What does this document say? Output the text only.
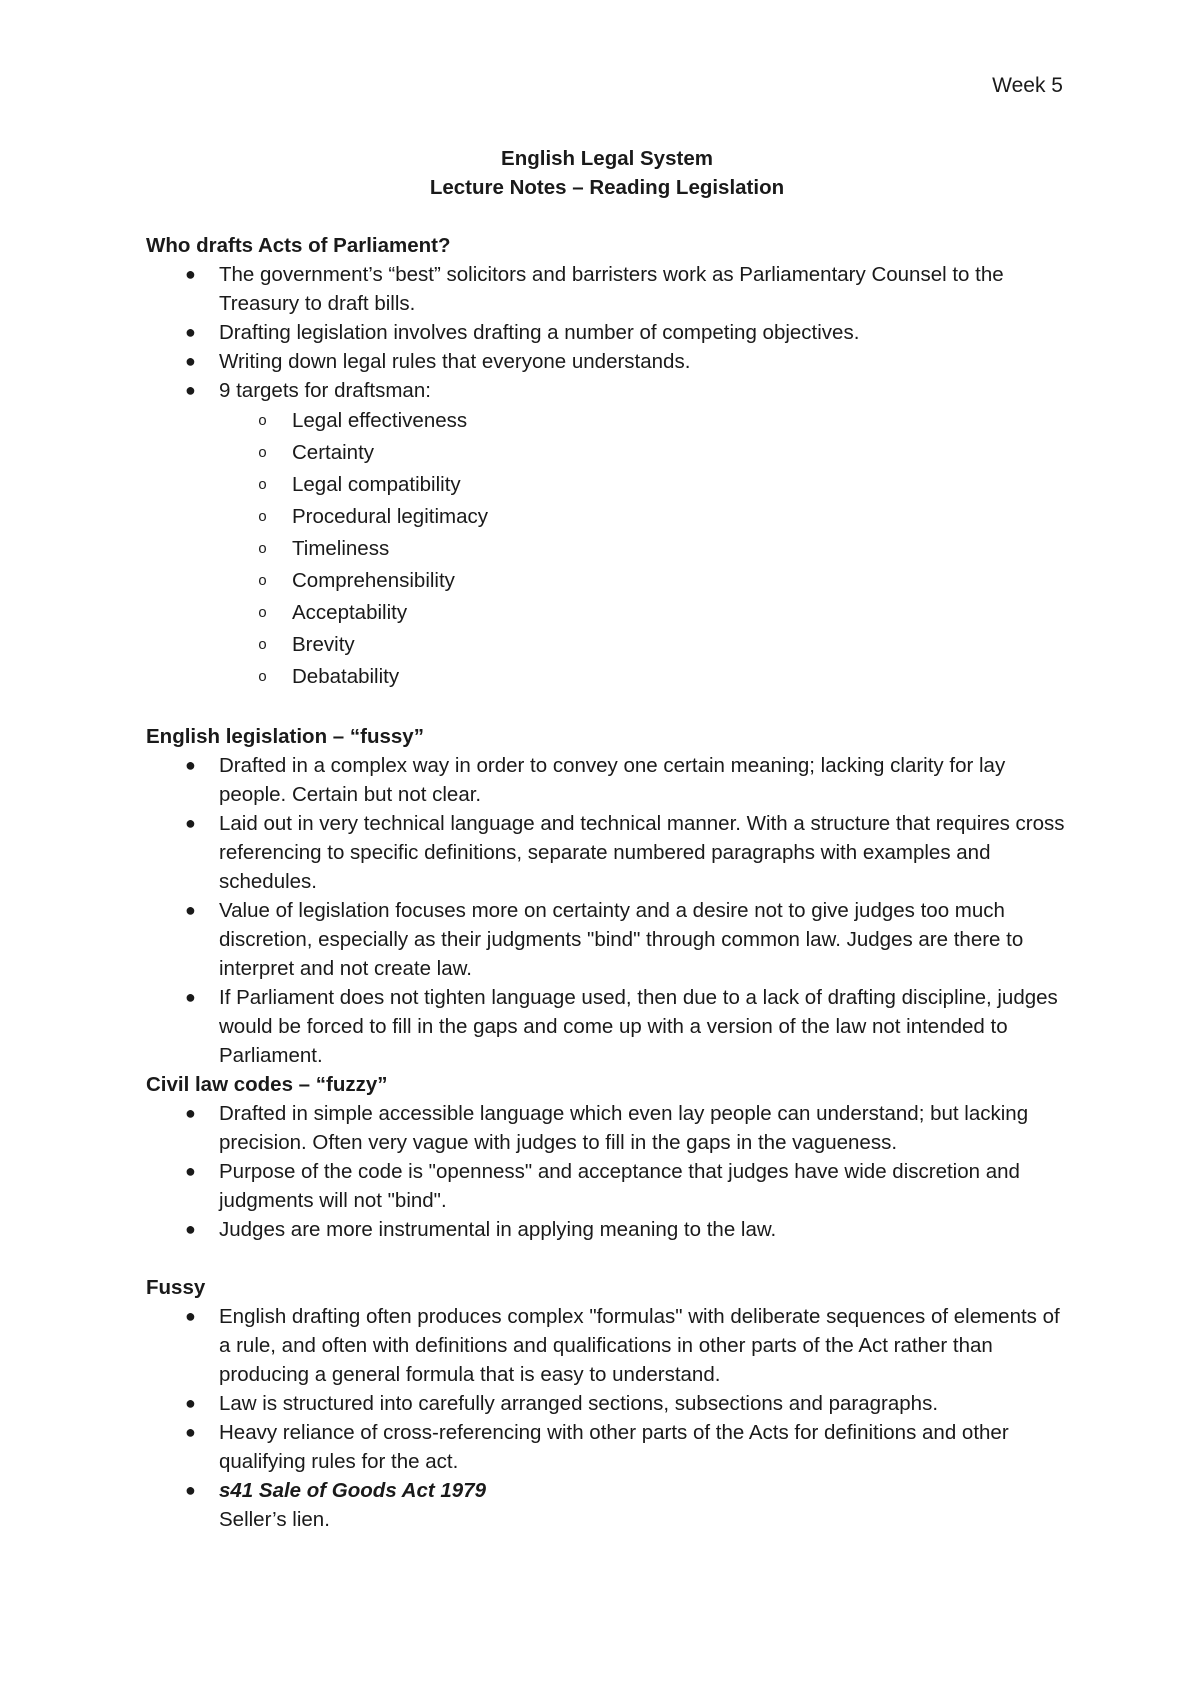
Week 5

English Legal System

Lecture Notes – Reading Legislation

Who drafts Acts of Parliament?

● The government’s “best” solicitors and barristers work as Parliamentary Counsel to the Treasury to draft bills.
● Drafting legislation involves drafting a number of competing objectives.
● Writing down legal rules that everyone understands.
● 9 targets for draftsman:
o Legal effectiveness
o Certainty
o Legal compatibility
o Procedural legitimacy
o Timeliness
o Comprehensibility
o Acceptability
o Brevity
o Debatability

English legislation – “fussy”

● Drafted in a complex way in order to convey one certain meaning; lacking clarity for lay people. Certain but not clear.
● Laid out in very technical language and technical manner. With a structure that requires cross referencing to specific definitions, separate numbered paragraphs with examples and schedules.
● Value of legislation focuses more on certainty and a desire not to give judges too much discretion, especially as their judgments "bind" through common law. Judges are there to interpret and not create law.
● If Parliament does not tighten language used, then due to a lack of drafting discipline, judges would be forced to fill in the gaps and come up with a version of the law not intended to Parliament.

Civil law codes – “fuzzy”

● Drafted in simple accessible language which even lay people can understand; but lacking precision. Often very vague with judges to fill in the gaps in the vagueness.
● Purpose of the code is "openness" and acceptance that judges have wide discretion and judgments will not "bind".
● Judges are more instrumental in applying meaning to the law.

Fussy

● English drafting often produces complex "formulas" with deliberate sequences of elements of a rule, and often with definitions and qualifications in other parts of the Act rather than producing a general formula that is easy to understand.
● Law is structured into carefully arranged sections, subsections and paragraphs.
● Heavy reliance of cross-referencing with other parts of the Acts for definitions and other qualifying rules for the act.
● s41 Sale of Goods Act 1979
Seller’s lien.
